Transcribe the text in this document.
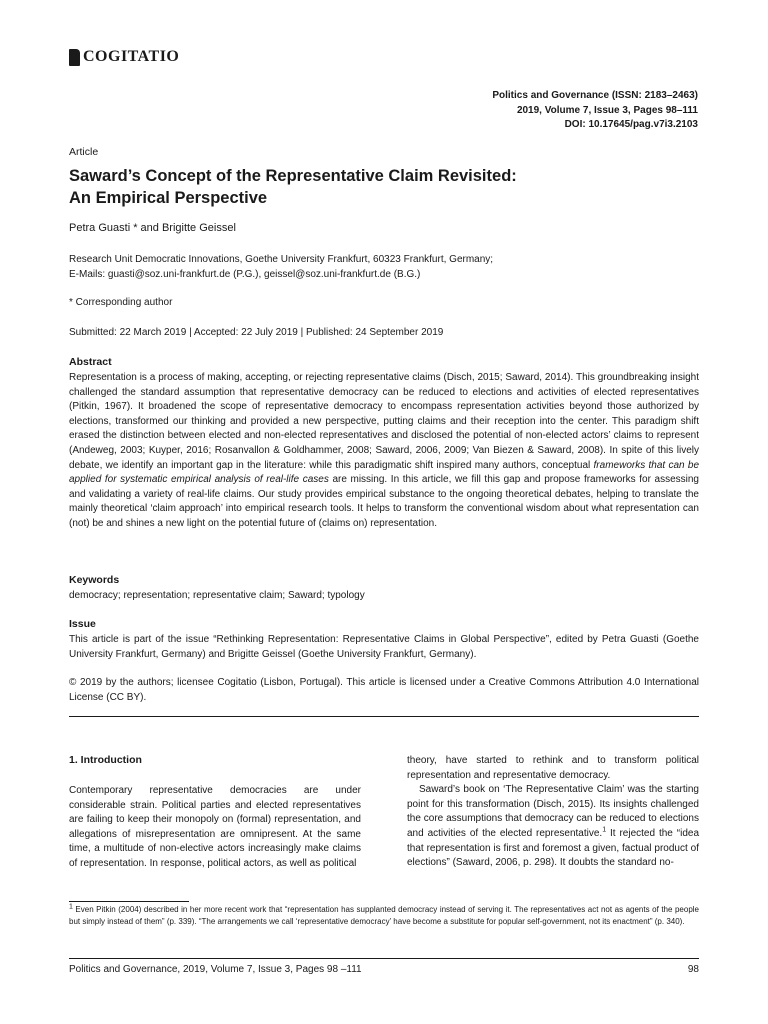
COGITATIO
Politics and Governance (ISSN: 2183–2463)
2019, Volume 7, Issue 3, Pages 98–111
DOI: 10.17645/pag.v7i3.2103
Article
Saward’s Concept of the Representative Claim Revisited:
An Empirical Perspective
Petra Guasti * and Brigitte Geissel
Research Unit Democratic Innovations, Goethe University Frankfurt, 60323 Frankfurt, Germany;
E-Mails: guasti@soz.uni-frankfurt.de (P.G.), geissel@soz.uni-frankfurt.de (B.G.)
* Corresponding author
Submitted: 22 March 2019 | Accepted: 22 July 2019 | Published: 24 September 2019
Abstract
Representation is a process of making, accepting, or rejecting representative claims (Disch, 2015; Saward, 2014). This groundbreaking insight challenged the standard assumption that representative democracy can be reduced to elections and activities of elected representatives (Pitkin, 1967). It broadened the scope of representative democracy to encompass representation activities beyond those authorized by elections, transformed our thinking and provided a new perspective, putting claims and their reception into the center. This paradigm shift erased the distinction between elected and non-elected representatives and disclosed the potential of non-elected actors’ claims to represent (Andeweg, 2003; Kuyper, 2016; Rosanvallon & Goldhammer, 2008; Saward, 2006, 2009; Van Biezen & Saward, 2008). In spite of this lively debate, we identify an important gap in the literature: while this paradigmatic shift inspired many authors, conceptual frameworks that can be applied for systematic empirical analysis of real-life cases are missing. In this article, we fill this gap and propose frameworks for assessing and validating a variety of real-life claims. Our study provides empirical substance to the ongoing theoretical debates, helping to translate the mainly theoretical ‘claim approach’ into empirical research tools. It helps to transform the conventional wisdom about what representation can (not) be and shines a new light on the potential future of (claims on) representation.
Keywords
democracy; representation; representative claim; Saward; typology
Issue
This article is part of the issue “Rethinking Representation: Representative Claims in Global Perspective”, edited by Petra Guasti (Goethe University Frankfurt, Germany) and Brigitte Geissel (Goethe University Frankfurt, Germany).
© 2019 by the authors; licensee Cogitatio (Lisbon, Portugal). This article is licensed under a Creative Commons Attribution 4.0 International License (CC BY).
1. Introduction
Contemporary representative democracies are under considerable strain. Political parties and elected representatives are failing to keep their monopoly on (formal) representation, and allegations of misrepresentation are omnipresent. At the same time, a multitude of non-elective actors increasingly make claims of representation. In response, political actors, as well as political
theory, have started to rethink and to transform political representation and representative democracy.
Saward’s book on ‘The Representative Claim’ was the starting point for this transformation (Disch, 2015). Its insights challenged the core assumptions that democracy can be reduced to elections and activities of the elected representative.$^1$ It rejected the “idea that representation is first and foremost a given, factual product of elections” (Saward, 2006, p. 298). It doubts the standard no-
$^1$ Even Pitkin (2004) described in her more recent work that “representation has supplanted democracy instead of serving it. The representatives act not as agents of the people but simply instead of them” (p. 339). “The arrangements we call ‘representative democracy’ have become a substitute for popular self-government, not its enactment” (p. 340).
Politics and Governance, 2019, Volume 7, Issue 3, Pages 98 –111	98
